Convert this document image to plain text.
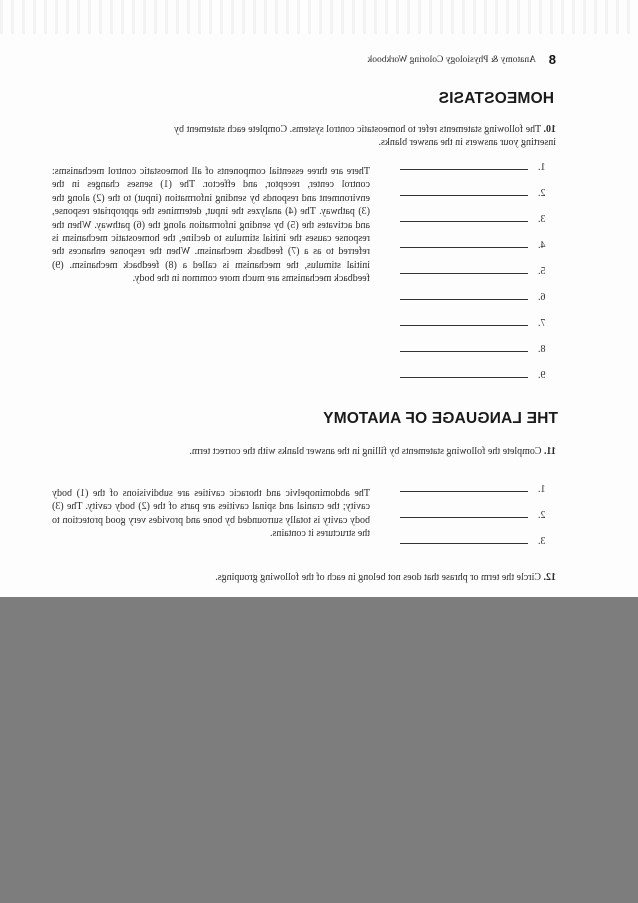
8
Anatomy & Physiology Coloring Workbook
HOMEOSTASIS
10. The following statements refer to homeostatic control systems. Complete each statement by inserting your answers in the answer blanks.
There are three essential components of all homeostatic control mechanisms: control center, receptor, and effector. The (1) senses changes in the environment and responds by sending information (input) to the (2) along the (3) pathway. The (4) analyzes the input, determines the appropriate response, and activates the (5) by sending information along the (6) pathway. When the response causes the initial stimulus to decline, the homeostatic mechanism is referred to as a (7) feedback mechanism. When the response enhances the initial stimulus, the mechanism is called a (8) feedback mechanism. (9) feedback mechanisms are much more common in the body.
1.
2.
3.
4.
5.
6.
7.
8.
9.
THE LANGUAGE OF ANATOMY
11. Complete the following statements by filling in the answer blanks with the correct term.
The abdominopelvic and thoracic cavities are subdivisions of the (1) body cavity; the cranial and spinal cavities are parts of the (2) body cavity. The (3) body cavity is totally surrounded by bone and provides very good protection to the structures it contains.
1.
2.
3.
12. Circle the term or phrase that does not belong in each of the following groupings.
